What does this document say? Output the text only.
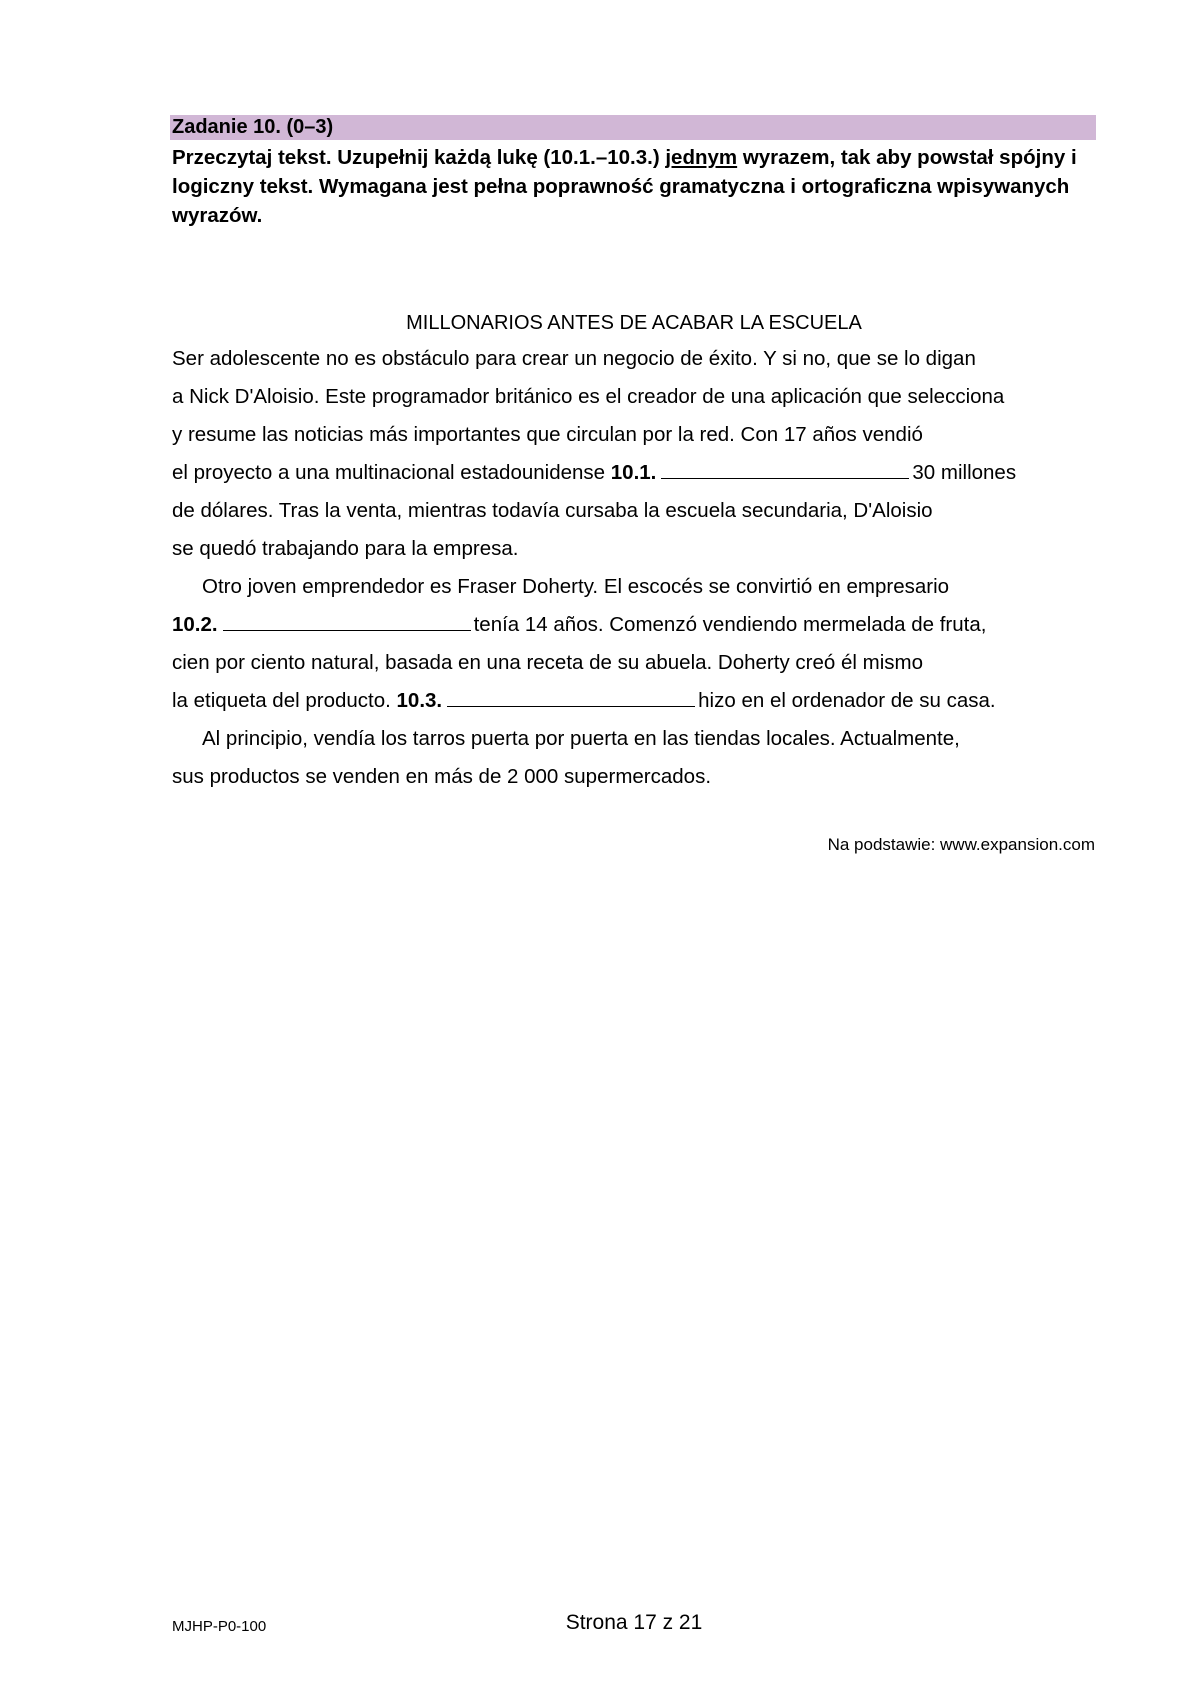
Zadanie 10. (0–3)
Przeczytaj tekst. Uzupełnij każdą lukę (10.1.–10.3.) jednym wyrazem, tak aby powstał spójny i logiczny tekst. Wymagana jest pełna poprawność gramatyczna i ortograficzna wpisywanych wyrazów.
MILLONARIOS ANTES DE ACABAR LA ESCUELA
Ser adolescente no es obstáculo para crear un negocio de éxito. Y si no, que se lo digan
a Nick D'Aloisio. Este programador británico es el creador de una aplicación que selecciona
y resume las noticias más importantes que circulan por la red. Con 17 años vendió
el proyecto a una multinacional estadounidense 10.1.	30 millones
de dólares. Tras la venta, mientras todavía cursaba la escuela secundaria, D'Aloisio
se quedó trabajando para la empresa.
Otro joven emprendedor es Fraser Doherty. El escocés se convirtió en empresario
10.2.	tenía 14 años. Comenzó vendiendo mermelada de fruta,
cien por ciento natural, basada en una receta de su abuela. Doherty creó él mismo
la etiqueta del producto. 10.3.	hizo en el ordenador de su casa.
Al principio, vendía los tarros puerta por puerta en las tiendas locales. Actualmente,
sus productos se venden en más de 2 000 supermercados.
Na podstawie: www.expansion.com
MJHP-P0-100	Strona 17 z 21
